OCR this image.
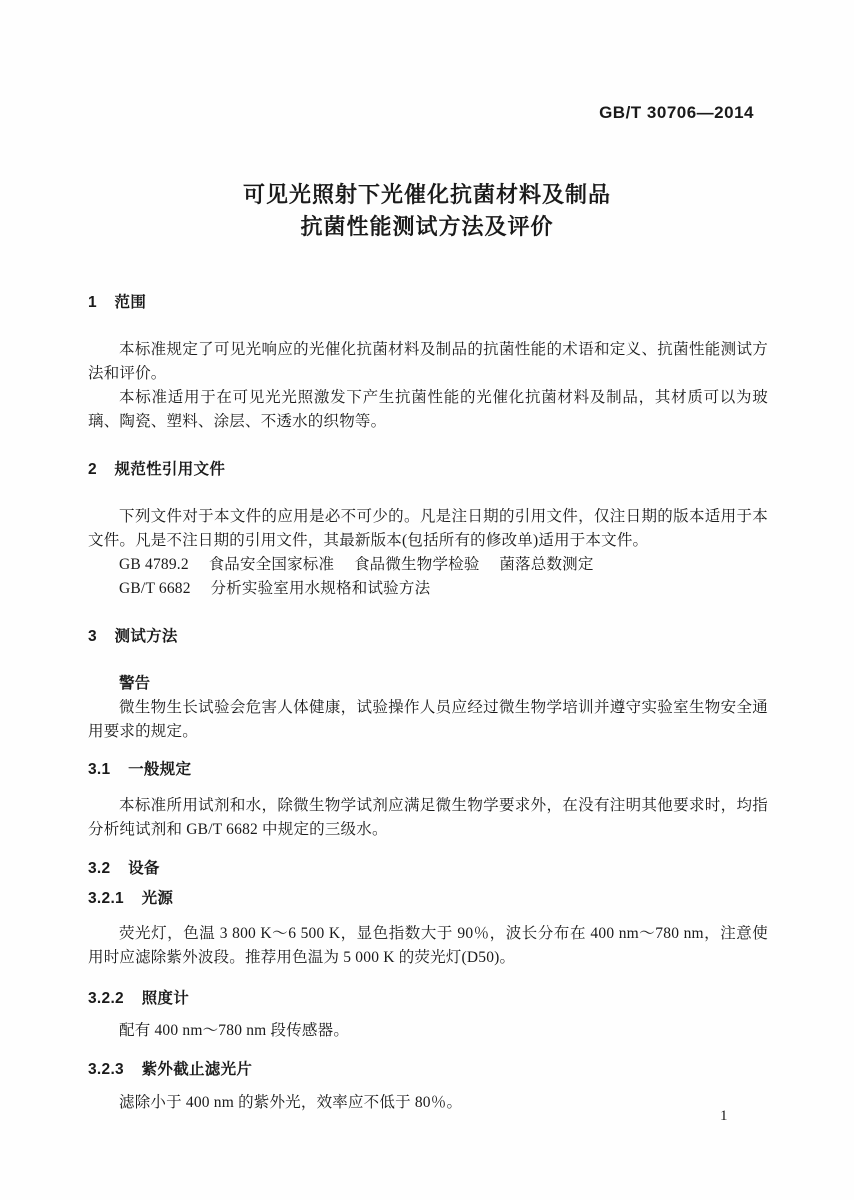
GB/T 30706—2014
可见光照射下光催化抗菌材料及制品
抗菌性能测试方法及评价
1 范围

本标准规定了可见光响应的光催化抗菌材料及制品的抗菌性能的术语和定义、抗菌性能测试方法和评价。

本标准适用于在可见光光照激发下产生抗菌性能的光催化抗菌材料及制品，其材质可以为玻璃、陶瓷、塑料、涂层、不透水的织物等。

2 规范性引用文件

下列文件对于本文件的应用是必不可少的。凡是注日期的引用文件，仅注日期的版本适用于本文件。凡是不注日期的引用文件，其最新版本(包括所有的修改单)适用于本文件。

GB 4789.2　 食品安全国家标准　 食品微生物学检验　 菌落总数测定

GB/T 6682　 分析实验室用水规格和试验方法

3 测试方法

警告

微生物生长试验会危害人体健康，试验操作人员应经过微生物学培训并遵守实验室生物安全通用要求的规定。

3.1 一般规定

本标准所用试剂和水，除微生物学试剂应满足微生物学要求外，在没有注明其他要求时，均指分析纯试剂和 GB/T 6682 中规定的三级水。

3.2 设备
3.2.1 光源

荧光灯，色温 3 800 K～6 500 K，显色指数大于 90％，波长分布在 400 nm～780 nm，注意使用时应滤除紫外波段。推荐用色温为 5 000 K 的荧光灯(D50)。

3.2.2 照度计

配有 400 nm～780 nm 段传感器。

3.2.3 紫外截止滤光片

滤除小于 400 nm 的紫外光，效率应不低于 80％。

1
